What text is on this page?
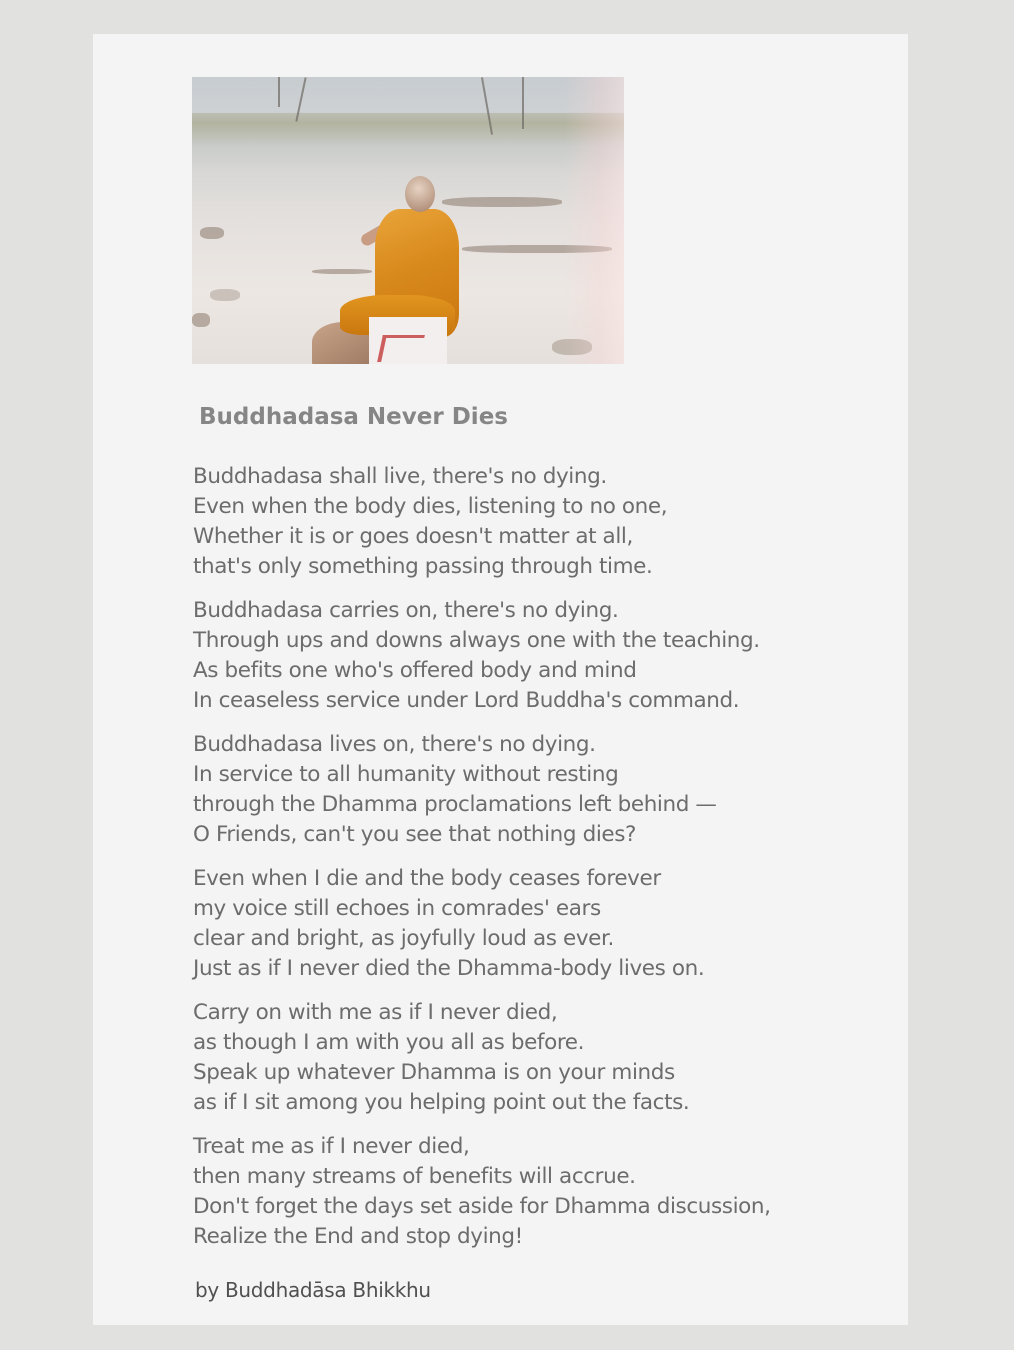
Buddhadasa Never Dies
Buddhadasa shall live, there's no dying.
Even when the body dies, listening to no one,
Whether it is or goes doesn't matter at all,
that's only something passing through time.
Buddhadasa carries on, there's no dying.
Through ups and downs always one with the teaching.
As befits one who's offered body and mind
In ceaseless service under Lord Buddha's command.
Buddhadasa lives on, there's no dying.
In service to all humanity without resting
through the Dhamma proclamations left behind —
O Friends, can't you see that nothing dies?
Even when I die and the body ceases forever
my voice still echoes in comrades' ears
clear and bright, as joyfully loud as ever.
Just as if I never died the Dhamma-body lives on.
Carry on with me as if I never died,
as though I am with you all as before.
Speak up whatever Dhamma is on your minds
as if I sit among you helping point out the facts.
Treat me as if I never died,
then many streams of benefits will accrue.
Don't forget the days set aside for Dhamma discussion,
Realize the End and stop dying!
by Buddhadāsa Bhikkhu
